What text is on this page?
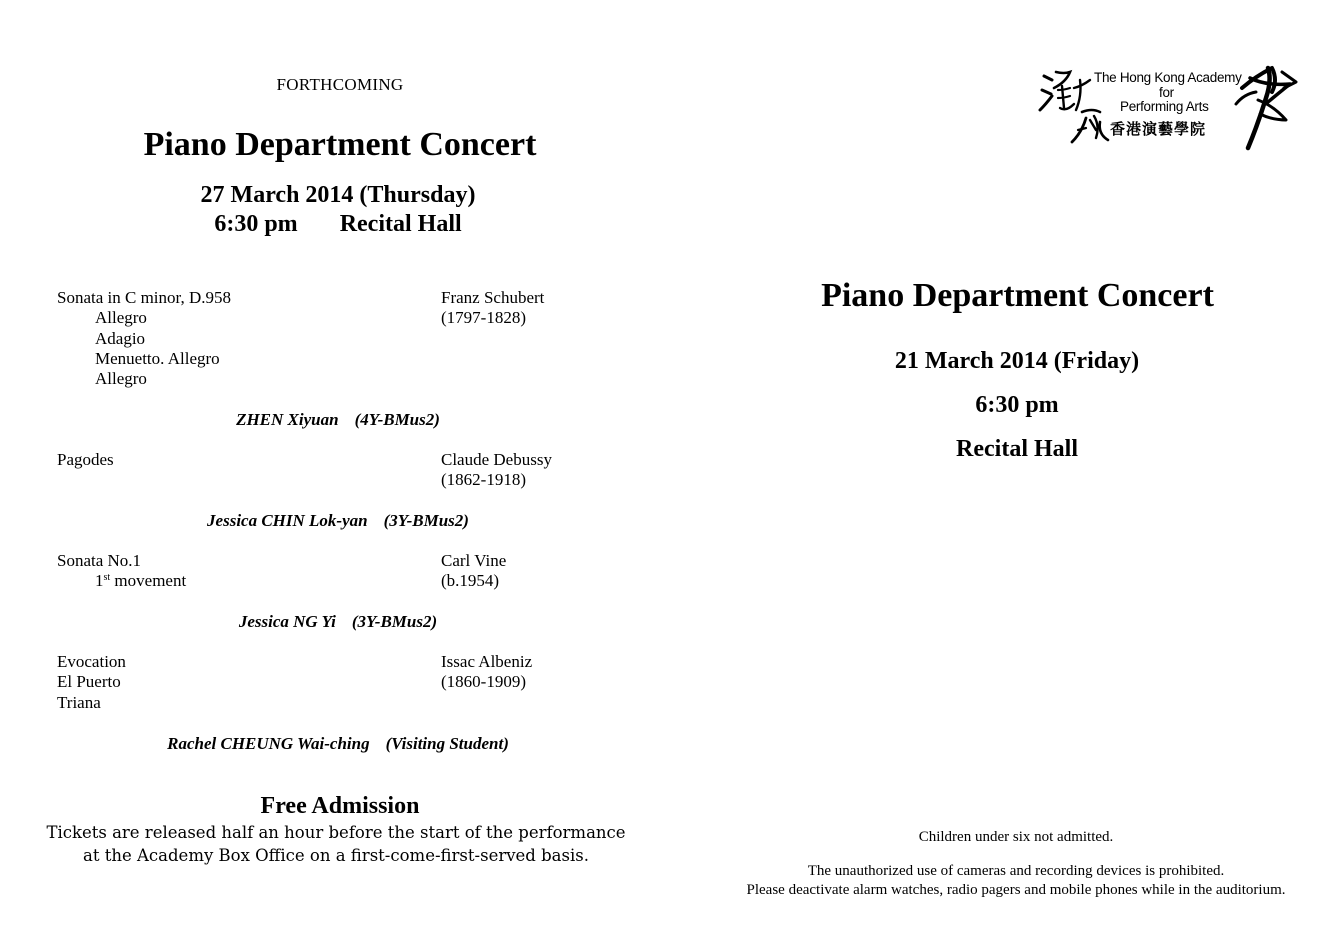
FORTHCOMING
Piano Department Concert
27 March 2014 (Thursday)
6:30 pm Recital Hall
Sonata in C minor, D.958
Allegro
Adagio
Menuetto. Allegro
Allegro
Franz Schubert
(1797-1828)
ZHEN Xiyuan (4Y-BMus2)
Pagodes	Claude Debussy
(1862-1918)
Jessica CHIN Lok-yan (3Y-BMus2)
Sonata No.1
1st movement
Carl Vine
(b.1954)
Jessica NG Yi (3Y-BMus2)
Evocation
El Puerto
Triana
Issac Albeniz
(1860-1909)
Rachel CHEUNG Wai-ching (Visiting Student)
Free Admission
Tickets are released half an hour before the start of the performance
at the Academy Box Office on a first-come-first-served basis.
The Hong Kong Academy
for
Performing Arts
香港演藝學院
Piano Department Concert
21 March 2014 (Friday)
6:30 pm
Recital Hall
Children under six not admitted.
The unauthorized use of cameras and recording devices is prohibited.
Please deactivate alarm watches, radio pagers and mobile phones while in the auditorium.
